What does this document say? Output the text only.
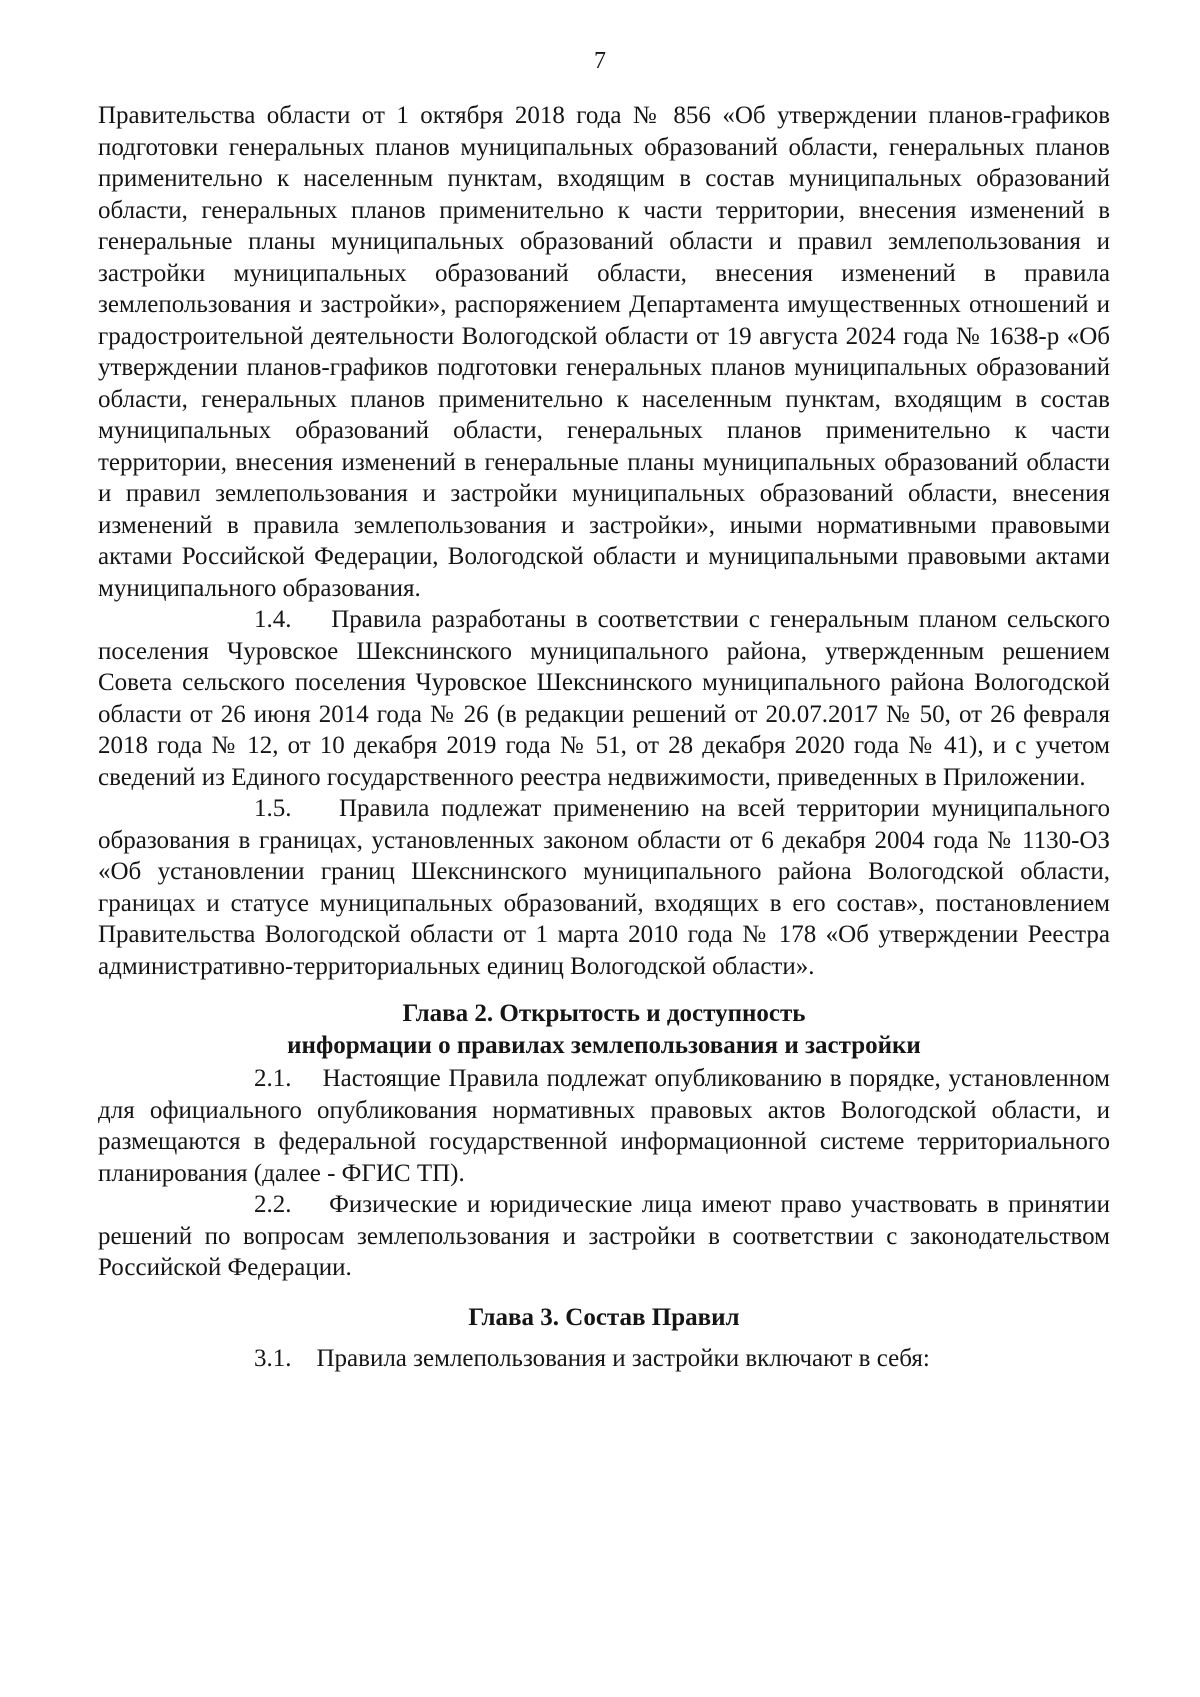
7

Правительства области от 1 октября 2018 года № 856 «Об утверждении планов-графиков подготовки генеральных планов муниципальных образований области, генеральных планов применительно к населенным пунктам, входящим в состав муниципальных образований области, генеральных планов применительно к части территории, внесения изменений в генеральные планы муниципальных образований области и правил землепользования и застройки муниципальных образований области, внесения изменений в правила землепользования и застройки», распоряжением Департамента имущественных отношений и градостроительной деятельности Вологодской области от 19 августа 2024 года № 1638-р «Об утверждении планов-графиков подготовки генеральных планов муниципальных образований области, генеральных планов применительно к населенным пунктам, входящим в состав муниципальных образований области, генеральных планов применительно к части территории, внесения изменений в генеральные планы муниципальных образований области и правил землепользования и застройки муниципальных образований области, внесения изменений в правила землепользования и застройки», иными нормативными правовыми актами Российской Федерации, Вологодской области и муниципальными правовыми актами муниципального образования.

1.4. Правила разработаны в соответствии с генеральным планом сельского поселения Чуровское Шекснинского муниципального района, утвержденным решением Совета сельского поселения Чуровское Шекснинского муниципального района Вологодской области от 26 июня 2014 года № 26 (в редакции решений от 20.07.2017 № 50, от 26 февраля 2018 года № 12, от 10 декабря 2019 года № 51, от 28 декабря 2020 года № 41), и с учетом сведений из Единого государственного реестра недвижимости, приведенных в Приложении.

1.5. Правила подлежат применению на всей территории муниципального образования в границах, установленных законом области от 6 декабря 2004 года № 1130-ОЗ «Об установлении границ Шекснинского муниципального района Вологодской области, границах и статусе муниципальных образований, входящих в его состав», постановлением Правительства Вологодской области от 1 марта 2010 года № 178 «Об утверждении Реестра административно-территориальных единиц Вологодской области».

Глава 2. Открытость и доступность
информации о правилах землепользования и застройки

2.1. Настоящие Правила подлежат опубликованию в порядке, установленном для официального опубликования нормативных правовых актов Вологодской области, и размещаются в федеральной государственной информационной системе территориального планирования (далее - ФГИС ТП).

2.2. Физические и юридические лица имеют право участвовать в принятии решений по вопросам землепользования и застройки в соответствии с законодательством Российской Федерации.

Глава 3. Состав Правил

3.1. Правила землепользования и застройки включают в себя:
